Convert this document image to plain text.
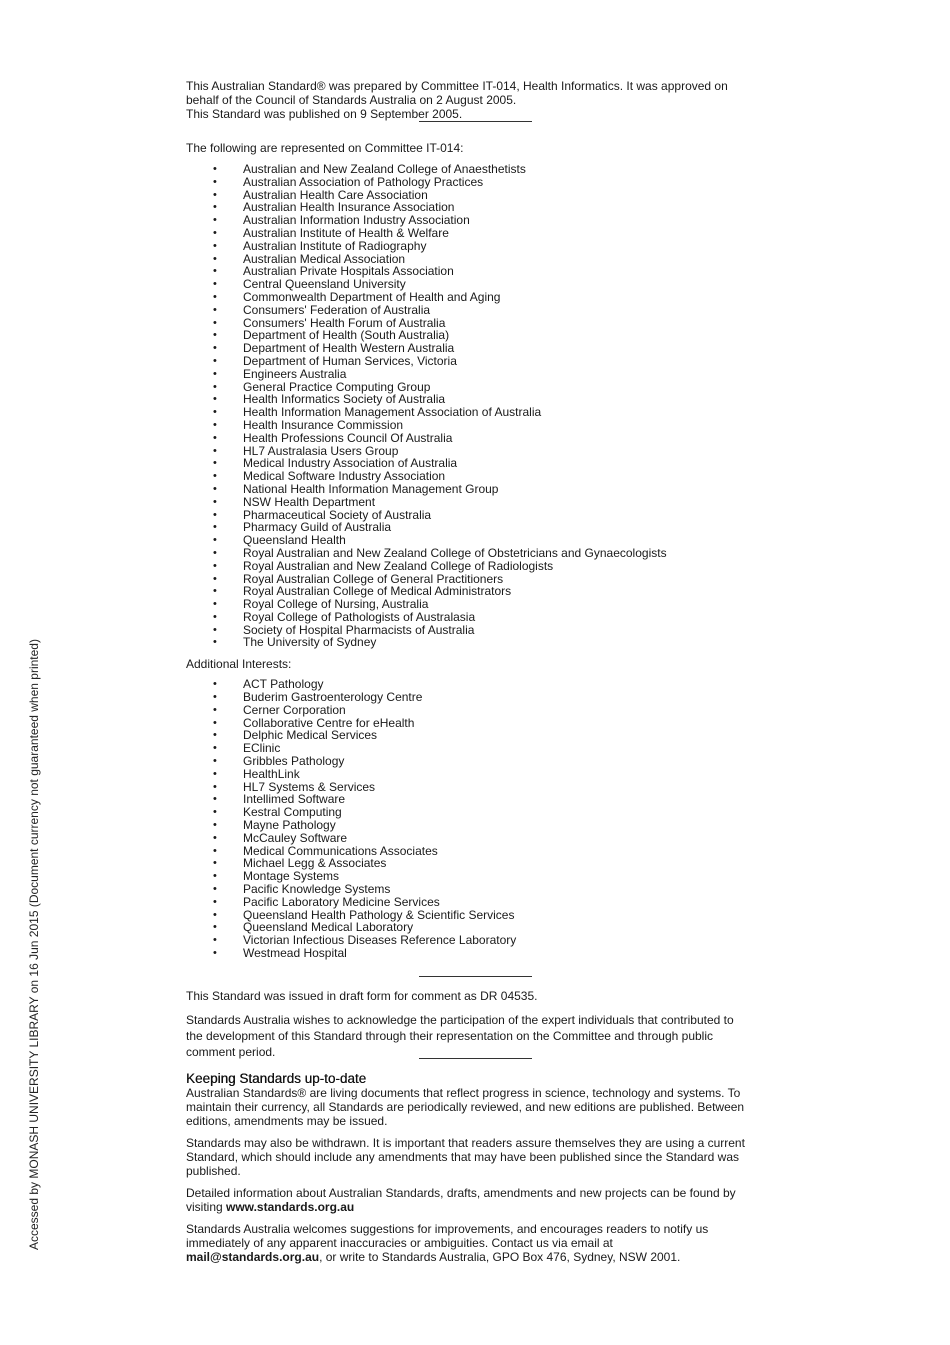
Accessed by MONASH UNIVERSITY LIBRARY on 16 Jun 2015 (Document currency not guaranteed when printed)

This Australian Standard® was prepared by Committee IT-014, Health Informatics. It was approved on

behalf of the Council of Standards Australia on 2 August 2005.

This Standard was published on 9 September 2005.

The following are represented on Committee IT-014:

• Australian and New Zealand College of Anaesthetists
• Australian Association of Pathology Practices
• Australian Health Care Association
• Australian Health Insurance Association
• Australian Information Industry Association
• Australian Institute of Health & Welfare
• Australian Institute of Radiography
• Australian Medical Association
• Australian Private Hospitals Association
• Central Queensland University
• Commonwealth Department of Health and Aging
• Consumers' Federation of Australia
• Consumers' Health Forum of Australia
• Department of Health (South Australia)
• Department of Health Western Australia
• Department of Human Services, Victoria
• Engineers Australia
• General Practice Computing Group
• Health Informatics Society of Australia
• Health Information Management Association of Australia
• Health Insurance Commission
• Health Professions Council Of Australia
• HL7 Australasia Users Group
• Medical Industry Association of Australia
• Medical Software Industry Association
• National Health Information Management Group
• NSW Health Department
• Pharmaceutical Society of Australia
• Pharmacy Guild of Australia
• Queensland Health
• Royal Australian and New Zealand College of Obstetricians and Gynaecologists
• Royal Australian and New Zealand College of Radiologists
• Royal Australian College of General Practitioners
• Royal Australian College of Medical Administrators
• Royal College of Nursing, Australia
• Royal College of Pathologists of Australasia
• Society of Hospital Pharmacists of Australia
• The University of Sydney

Additional Interests:

• ACT Pathology
• Buderim Gastroenterology Centre
• Cerner Corporation
• Collaborative Centre for eHealth
• Delphic Medical Services
• EClinic
• Gribbles Pathology
• HealthLink
• HL7 Systems & Services
• Intellimed Software
• Kestral Computing
• Mayne Pathology
• McCauley Software
• Medical Communications Associates
• Michael Legg & Associates
• Montage Systems
• Pacific Knowledge Systems
• Pacific Laboratory Medicine Services
• Queensland Health Pathology & Scientific Services
• Queensland Medical Laboratory
• Victorian Infectious Diseases Reference Laboratory
• Westmead Hospital

This Standard was issued in draft form for comment as DR 04535.

Standards Australia wishes to acknowledge the participation of the expert individuals that contributed to

the development of this Standard through their representation on the Committee and through public

comment period.

Keeping Standards up-to-date

Australian Standards® are living documents that reflect progress in science, technology and systems. To

maintain their currency, all Standards are periodically reviewed, and new editions are published. Between

editions, amendments may be issued.

Standards may also be withdrawn. It is important that readers assure themselves they are using a current

Standard, which should include any amendments that may have been published since the Standard was

published.

Detailed information about Australian Standards, drafts, amendments and new projects can be found by

visiting www.standards.org.au

Standards Australia welcomes suggestions for improvements, and encourages readers to notify us

immediately of any apparent inaccuracies or ambiguities. Contact us via email at

mail@standards.org.au, or write to Standards Australia, GPO Box 476, Sydney, NSW 2001.
